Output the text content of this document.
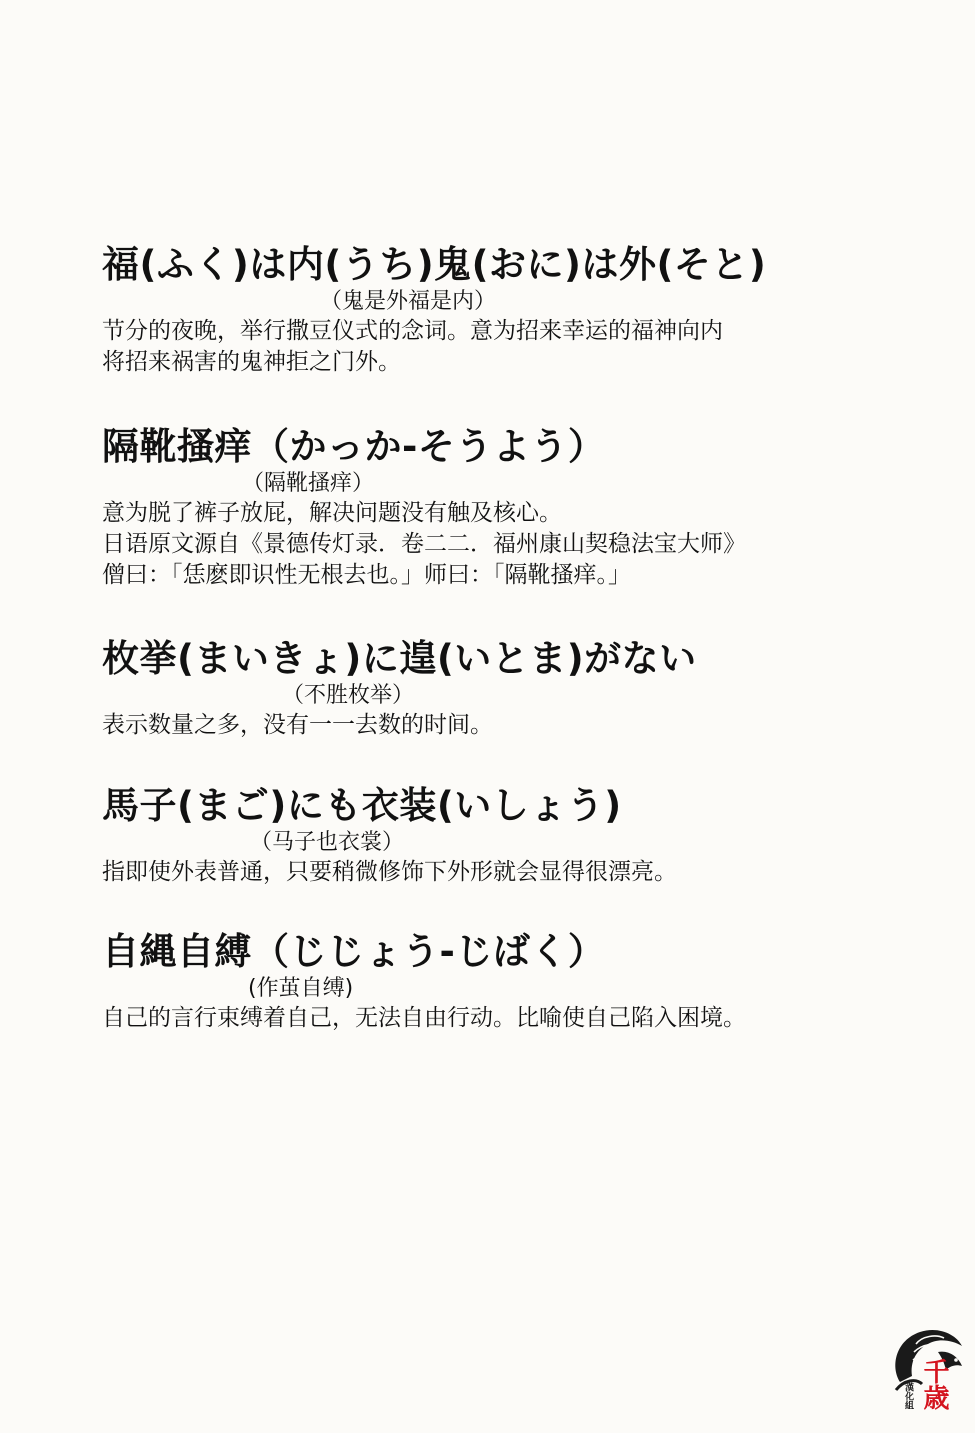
福(ふく)は内(うち)鬼(おに)は外(そと)
（鬼是外福是内）
节分的夜晚，举行撒豆仪式的念词。意为招来幸运的福神向内
将招来祸害的鬼神拒之门外。
隔靴搔痒（かっか-そうよう）
（隔靴搔痒）
意为脱了裤子放屁，解决问题没有触及核心。
日语原文源自《景德传灯录．卷二二．福州康山契稳法宝大师》
僧曰：「恁麽即识性无根去也。」师曰：「隔靴搔痒。」
枚挙(まいきょ)に遑(いとま)がない
（不胜枚举）
表示数量之多，没有一一去数的时间。
馬子(まご)にも衣装(いしょう)
（马子也衣裳）
指即使外表普通，只要稍微修饰下外形就会显得很漂亮。
自縄自縛（じじょう-じばく）
(作茧自缚)
自己的言行束缚着自己，无法自由行动。比喻使自己陷入困境。
千歳
漢化組
